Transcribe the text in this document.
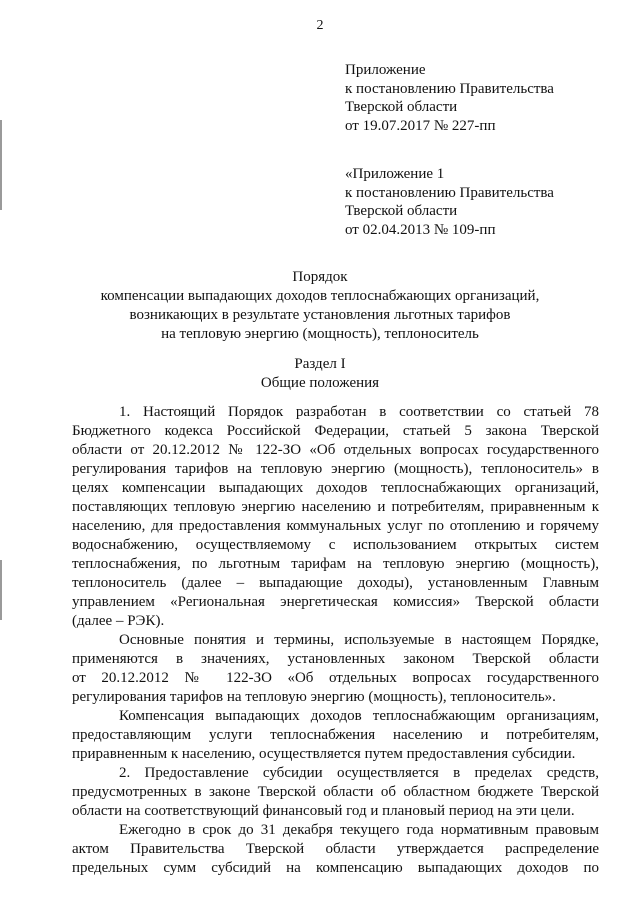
2
Приложение
к постановлению Правительства
Тверской области
от 19.07.2017 № 227-пп
«Приложение 1
к постановлению Правительства
Тверской области
от 02.04.2013 № 109-пп
Порядок
компенсации выпадающих доходов теплоснабжающих организаций,
возникающих в результате установления льготных тарифов
на тепловую энергию (мощность), теплоноситель
Раздел I
Общие положения
1. Настоящий Порядок разработан в соответствии со статьей 78
Бюджетного кодекса Российской Федерации, статьей 5 закона Тверской
области от 20.12.2012 № 122-ЗО «Об отдельных вопросах государственного
регулирования тарифов на тепловую энергию (мощность), теплоноситель» в
целях компенсации выпадающих доходов теплоснабжающих организаций,
поставляющих тепловую энергию населению и потребителям, приравненным к
населению, для предоставления коммунальных услуг по отоплению и горячему
водоснабжению, осуществляемому с использованием открытых систем
теплоснабжения, по льготным тарифам на тепловую энергию (мощность),
теплоноситель (далее – выпадающие доходы), установленным Главным
управлением «Региональная энергетическая комиссия» Тверской области
(далее – РЭК).
Основные понятия и термины, используемые в настоящем Порядке,
применяются в значениях, установленных законом Тверской области
от 20.12.2012 № 122-ЗО «Об отдельных вопросах государственного
регулирования тарифов на тепловую энергию (мощность), теплоноситель».
Компенсация выпадающих доходов теплоснабжающим организациям,
предоставляющим услуги теплоснабжения населению и потребителям,
приравненным к населению, осуществляется путем предоставления субсидии.
2. Предоставление субсидии осуществляется в пределах средств,
предусмотренных в законе Тверской области об областном бюджете Тверской
области на соответствующий финансовый год и плановый период на эти цели.
Ежегодно в срок до 31 декабря текущего года нормативным правовым
актом Правительства Тверской области утверждается распределение
предельных сумм субсидий на компенсацию выпадающих доходов по
